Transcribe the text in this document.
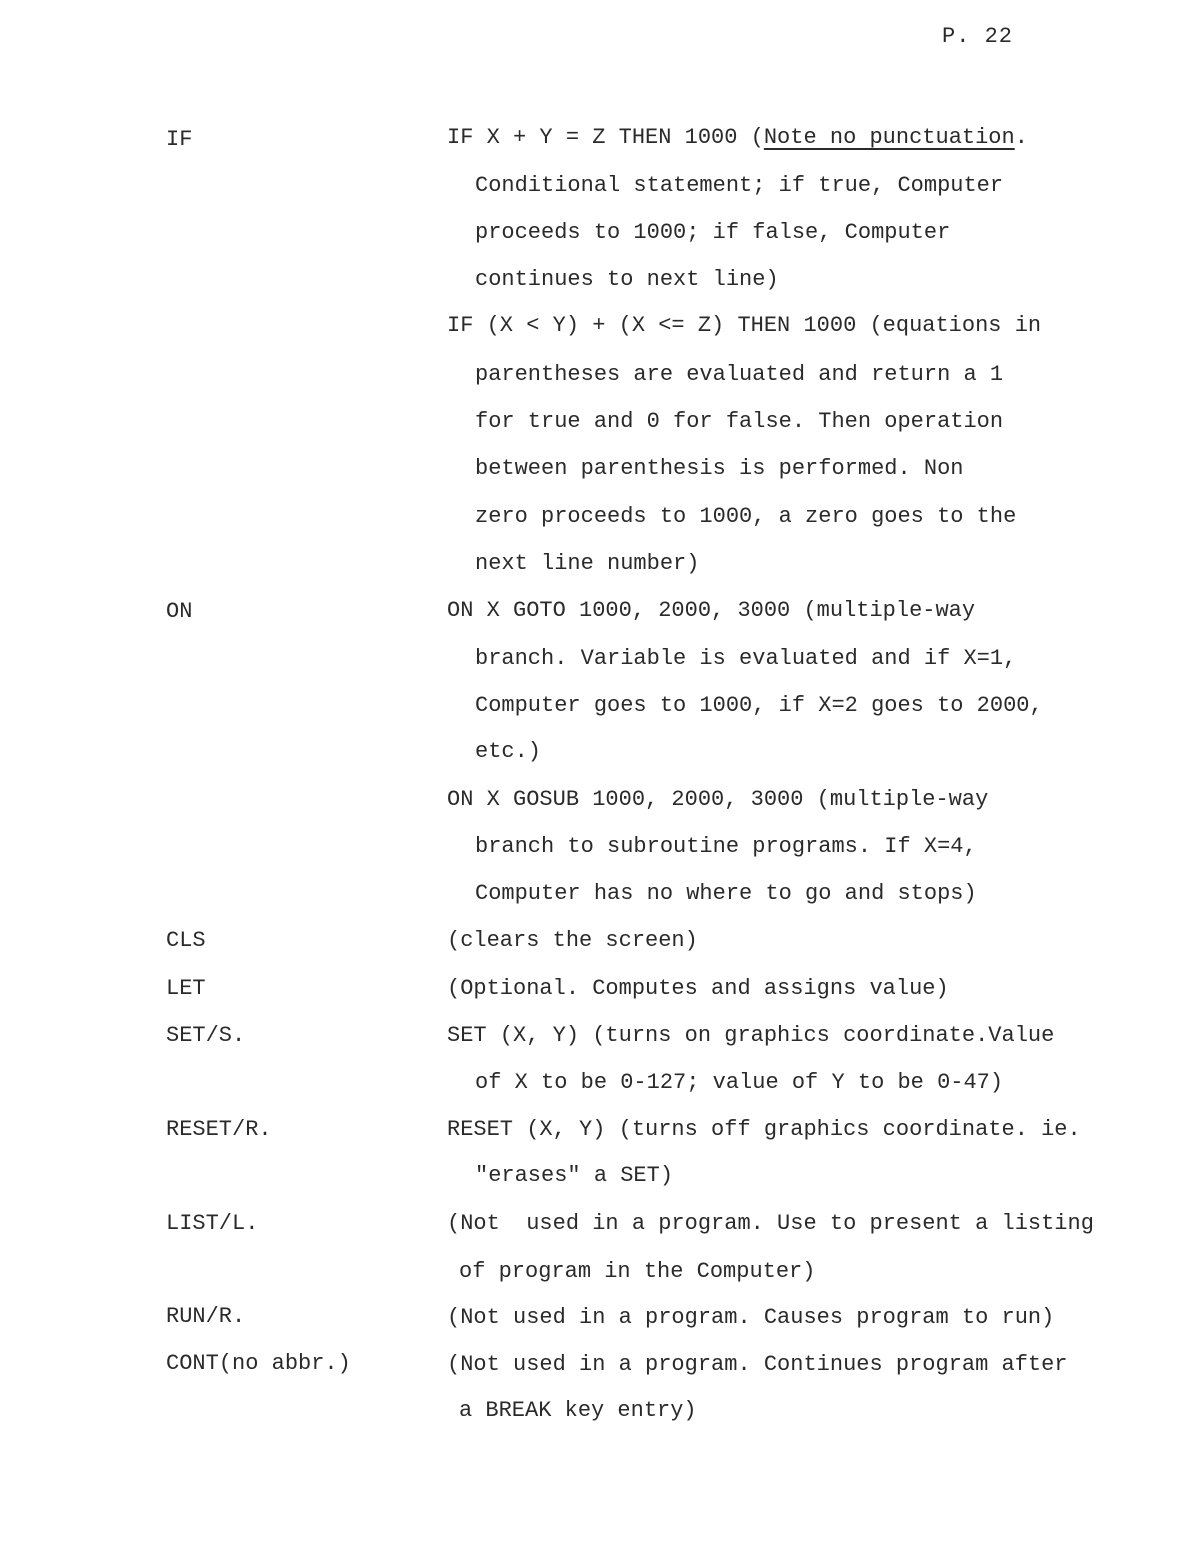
P. 22
IF	IF X + Y = Z THEN 1000 (Note no punctuation.
Conditional statement; if true, Computer
proceeds to 1000; if false, Computer
continues to next line)
IF (X < Y) + (X <= Z) THEN 1000 (equations in
parentheses are evaluated and return a 1
for true and 0 for false. Then operation
between parenthesis is performed. Non
zero proceeds to 1000, a zero goes to the
next line number)
ON	ON X GOTO 1000, 2000, 3000 (multiple-way
branch. Variable is evaluated and if X=1,
Computer goes to 1000, if X=2 goes to 2000,
etc.)
ON X GOSUB 1000, 2000, 3000 (multiple-way
branch to subroutine programs. If X=4,
Computer has no where to go and stops)
CLS	(clears the screen)
LET	(Optional. Computes and assigns value)
SET/S.	SET (X, Y) (turns on graphics coordinate.Value
of X to be 0-127; value of Y to be 0-47)
RESET/R.	RESET (X, Y) (turns off graphics coordinate. ie.
"erases" a SET)
LIST/L.	(Not  used in a program. Use to present a listing
of program in the Computer)
RUN/R.	(Not used in a program. Causes program to run)
CONT(no abbr.)	(Not used in a program. Continues program after
a BREAK key entry)
